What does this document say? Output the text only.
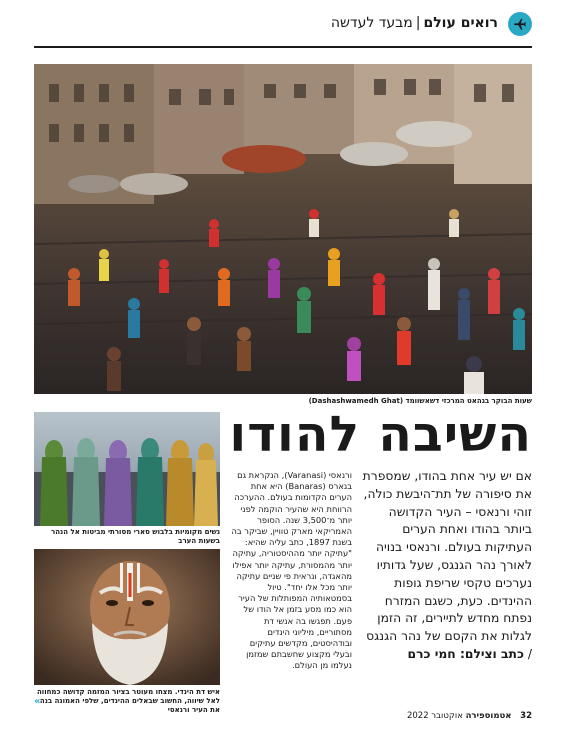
רואים עולם|מבעד לעדשה
שעות הבוקר בגהאט המרכזי דשאשוומד (Dashashwamedh Ghat)
השיבה להודו
אם יש עיר אחת בהודו, שמספרת את סיפורה של תת־היבשת כולה, זוהי ורנאסי – העיר הקדושה ביותר בהודו ואחת הערים העתיקות בעולם. ורנאסי בנויה לאורך נהר הגנגס, שעל גדותיו נערכים טקסי שריפת גופות ההינדים. כעת, כשגם המזרח נפתח מחדש לתיירים, זה הזמן לגלות את הקסם של נהר הגנגס / כתב וצילם: חמי כרם
ורנאסי (Varanasi), הנקראת גם בנארס (Banaras) היא אחת הערים הקדומות בעולם. ההערכה הרווחת היא שהעיר הוקמה לפני יותר מ־3,500 שנה. הסופר האמריקאי מארק טוויין, שביקר בה בשנת 1897, כתב עליה שהיא: "עתיקה יותר מההיסטוריה, עתיקה יותר מהמסורת, עתיקה יותר אפילו מהאגדה, ונראית פי שניים עתיקה יותר מכל אלו יחד". טיול בסמטאותיה המפותלות של העיר הוא כמו מסע בזמן אל הודו של פעם. תפגשו בה אנשי דת מסתוריים, מיליוני הינדים ובודהיסטים, מקדשים עתיקים ובעלי מקצוע שחשבתם שמזמן נעלמו מן העולם.
נשים מקומיות בלבוש סארי מסורתי מביטות אל הנהר בשעות הערב
איש דת הינדי. מצחו מעוטר בציור המזמה קדושה כמחווה לאל שיווה, החשוב שבאלים ההינדים, שלפי האמונה בנה את העיר ורנאסי
»
32 אטמוספירה אוקטובר 2022
